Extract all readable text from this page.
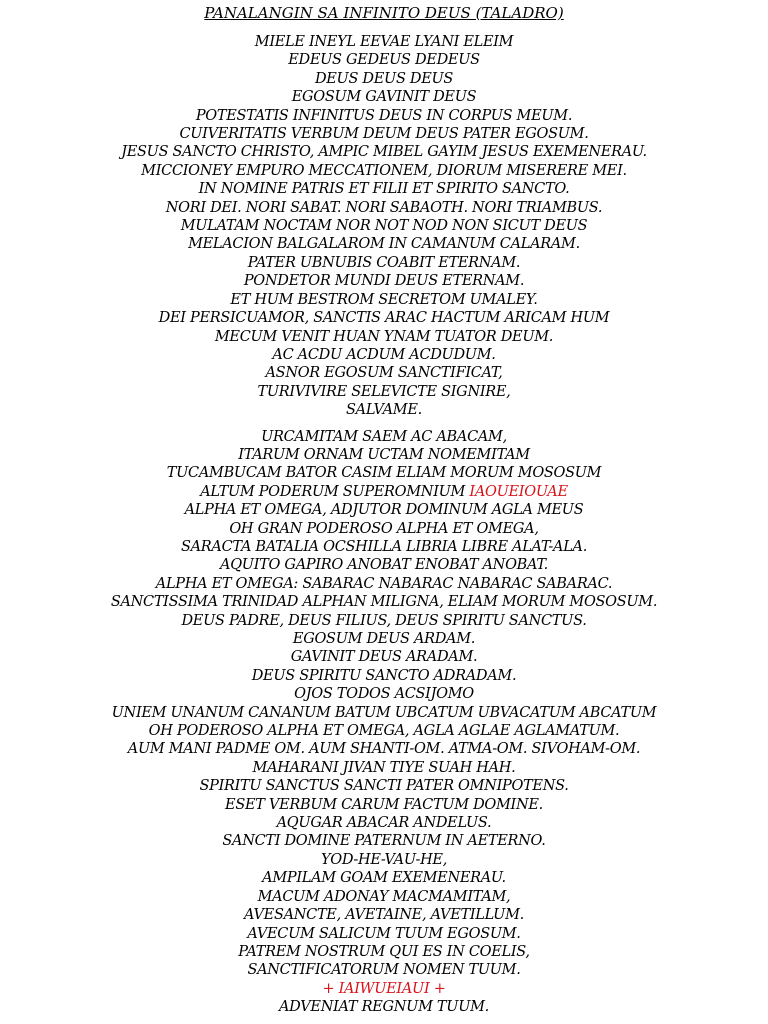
PANALANGIN SA INFINITO DEUS (TALADRO)
MIELE INEYL EEVAE LYANI ELEIM
EDEUS GEDEUS DEDEUS
DEUS DEUS DEUS
EGOSUM GAVINIT DEUS
POTESTATIS INFINITUS DEUS IN CORPUS MEUM.
CUIVERITATIS VERBUM DEUM DEUS PATER EGOSUM.
JESUS SANCTO CHRISTO, AMPIC MIBEL GAYIM JESUS EXEMENERAU.
MICCIONEY EMPURO MECCATIONEM, DIORUM MISERERE MEI.
IN NOMINE PATRIS ET FILII ET SPIRITO SANCTO.
NORI DEI. NORI SABAT. NORI SABAOTH. NORI TRIAMBUS.
MULATAM NOCTAM NOR NOT NOD NON SICUT DEUS
MELACION BALGALAROM IN CAMANUM CALARAM.
PATER UBNUBIS COABIT ETERNAM.
PONDETOR MUNDI DEUS ETERNAM.
ET HUM BESTROM SECRETOM UMALEY.
DEI PERSICUAMOR, SANCTIS ARAC HACTUM ARICAM HUM
MECUM VENIT HUAN YNAM TUATOR DEUM.
AC ACDU ACDUM ACDUDUM.
ASNOR EGOSUM SANCTIFICAT,
TURIVIVIRE SELEVICTE SIGNIRE,
SALVAME.
URCAMITAM SAEM AC ABACAM,
ITARUM ORNAM UCTAM NOMEMITAM
TUCAMBUCAM BATOR CASIM ELIAM MORUM MOSOSUM
ALTUM PODERUM SUPEROMNIUM IAOUEIOUAE
ALPHA ET OMEGA, ADJUTOR DOMINUM AGLA MEUS
OH GRAN PODEROSO ALPHA ET OMEGA,
SARACTA BATALIA OCSHILLA LIBRIA LIBRE ALAT-ALA.
AQUITO GAPIRO ANOBAT ENOBAT ANOBAT.
ALPHA ET OMEGA: SABARAC NABARAC NABARAC SABARAC.
SANCTISSIMA TRINIDAD ALPHAN MILIGNA, ELIAM MORUM MOSOSUM.
DEUS PADRE, DEUS FILIUS, DEUS SPIRITU SANCTUS.
EGOSUM DEUS ARDAM.
GAVINIT DEUS ARADAM.
DEUS SPIRITU SANCTO ADRADAM.
OJOS TODOS ACSIJOMO
UNIEM UNANUM CANANUM BATUM UBCATUM UBVACATUM ABCATUM
OH PODEROSO ALPHA ET OMEGA, AGLA AGLAE AGLAMATUM.
AUM MANI PADME OM. AUM SHANTI-OM. ATMA-OM. SIVOHAM-OM.
MAHARANI JIVAN TIYE SUAH HAH.
SPIRITU SANCTUS SANCTI PATER OMNIPOTENS.
ESET VERBUM CARUM FACTUM DOMINE.
AQUGAR ABACAR ANDELUS.
SANCTI DOMINE PATERNUM IN AETERNO.
YOD-HE-VAU-HE,
AMPILAM GOAM EXEMENERAU.
MACUM ADONAY MACMAMITAM,
AVESANCTE, AVETAINE, AVETILLUM.
AVECUM SALICUM TUUM EGOSUM.
PATREM NOSTRUM QUI ES IN COELIS,
SANCTIFICATORUM NOMEN TUUM.
+ IAIWUEIAUI +
ADVENIAT REGNUM TUUM.
